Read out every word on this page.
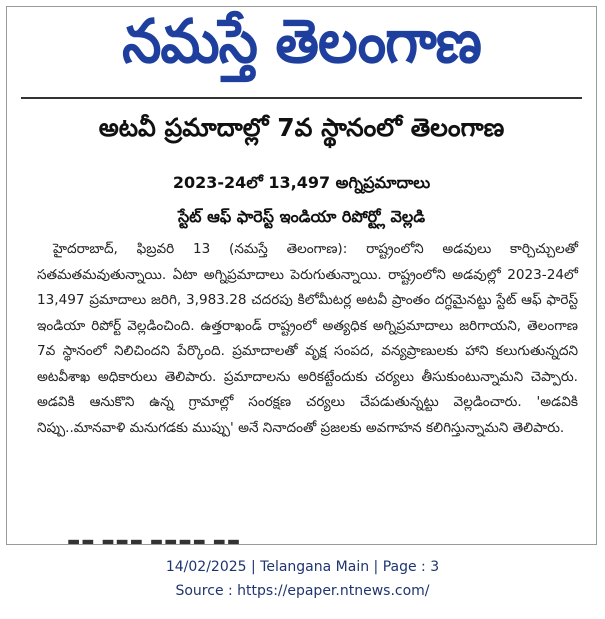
నమస్తే తెలంగాణ
అటవీ ప్రమాదాల్లో 7వ స్థానంలో తెలంగాణ
2023-24లో 13,497 అగ్నిప్రమాదాలు
స్టేట్ ఆఫ్ ఫారెస్ట్ ఇండియా రిపోర్ట్లో వెల్లడి
హైదరాబాద్, ఫిబ్రవరి 13 (నమస్తే తెలంగాణ): రాష్ట్రంలోని అడవులు కార్చిచ్చులతో సతమతమవుతున్నాయి. ఏటా అగ్నిప్రమాదాలు పెరుగుతున్నాయి. రాష్ట్రంలోని అడవుల్లో 2023-24లో 13,497 ప్రమాదాలు జరిగి, 3,983.28 చదరపు కిలోమీటర్ల అటవీ ప్రాంతం దగ్ధమైనట్టు స్టేట్ ఆఫ్ ఫారెస్ట్ ఇండియా రిపోర్ట్ వెల్లడించింది. ఉత్తరాఖండ్ రాష్ట్రంలో అత్యధిక అగ్నిప్రమాదాలు జరిగాయని, తెలంగాణ 7వ స్థానంలో నిలిచిందని పేర్కొంది. ప్రమాదాలతో వృక్ష సంపద, వన్యప్రాణులకు హాని కలుగుతున్నదని అటవీశాఖ అధికారులు తెలిపారు. ప్రమాదాలను అరికట్టేందుకు చర్యలు తీసుకుంటున్నామని చెప్పారు. అడవికి ఆనుకొని ఉన్న గ్రామాల్లో సంరక్షణ చర్యలు చేపడుతున్నట్టు వెల్లడించారు. 'అడవికి నిప్పు..మానవాళి మనుగడకు ముప్పు' అనే నినాదంతో ప్రజలకు అవగాహన కలిగిస్తున్నామని తెలిపారు.
▬▬ ▬▬▬ ▬▬▬▬ ▬▬
14/02/2025 | Telangana Main | Page : 3
Source : https://epaper.ntnews.com/
